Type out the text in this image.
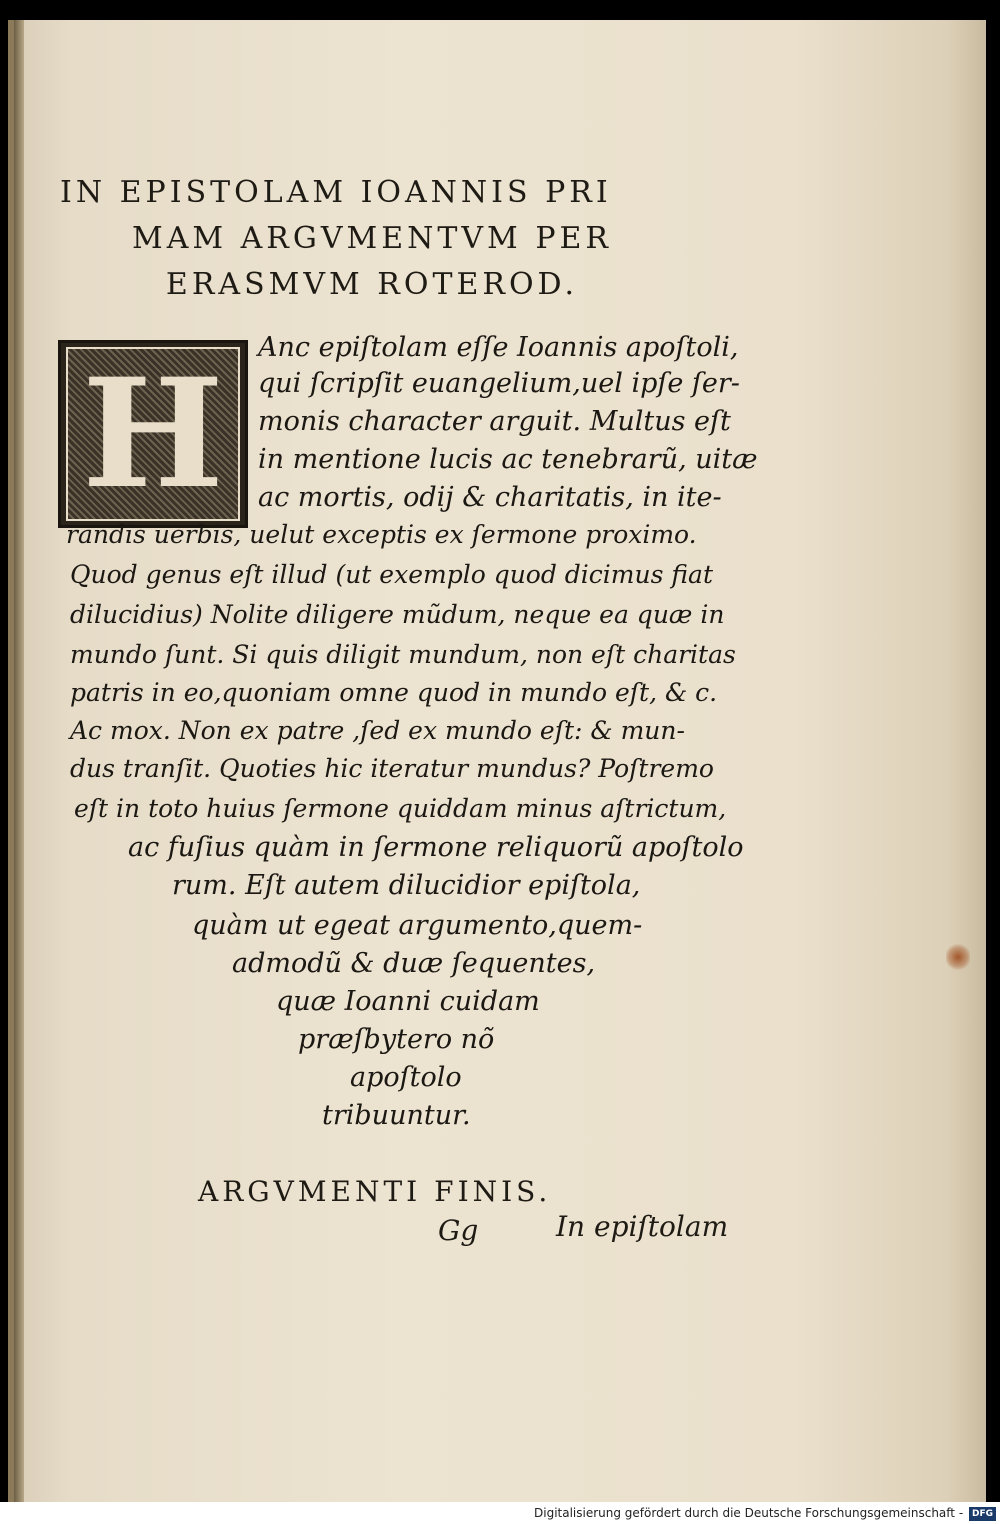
IN EPISTOLAM IOANNIS PRI
MAM ARGVMENTVM PER
ERASMVM ROTEROD.
H	Anc epiſtolam eſſe Ioannis apoſtoli,
qui ſcripſit euangelium,uel ipſe ſer-
monis character arguit. Multus eſt
in mentione lucis ac tenebrarũ, uitæ
ac mortis, odij & charitatis, in ite-
randis uerbis, uelut exceptis ex ſermone proximo.
Quod genus eſt illud (ut exemplo quod dicimus fiat
dilucidius) Nolite diligere mũdum, neque ea quæ in
mundo ſunt. Si quis diligit mundum, non eſt charitas
patris in eo,quoniam omne quod in mundo eſt, & c.
Ac mox. Non ex patre ,ſed ex mundo eſt: & mun-
dus tranſit. Quoties hic iteratur mundus? Poſtremo
eſt in toto huius ſermone quiddam minus aſtrictum,
ac fuſius quàm in ſermone reliquorũ apoſtolo
rum. Eſt autem dilucidior epiſtola,
quàm ut egeat argumento,quem-
admodũ & duæ ſequentes,
quæ Ioanni cuidam
præſbytero nõ
apoſtolo
tribuuntur.
ARGVMENTI FINIS.
Gg	In epiſtolam
Digitalisierung gefördert durch die Deutsche Forschungsgemeinschaft - DFG
